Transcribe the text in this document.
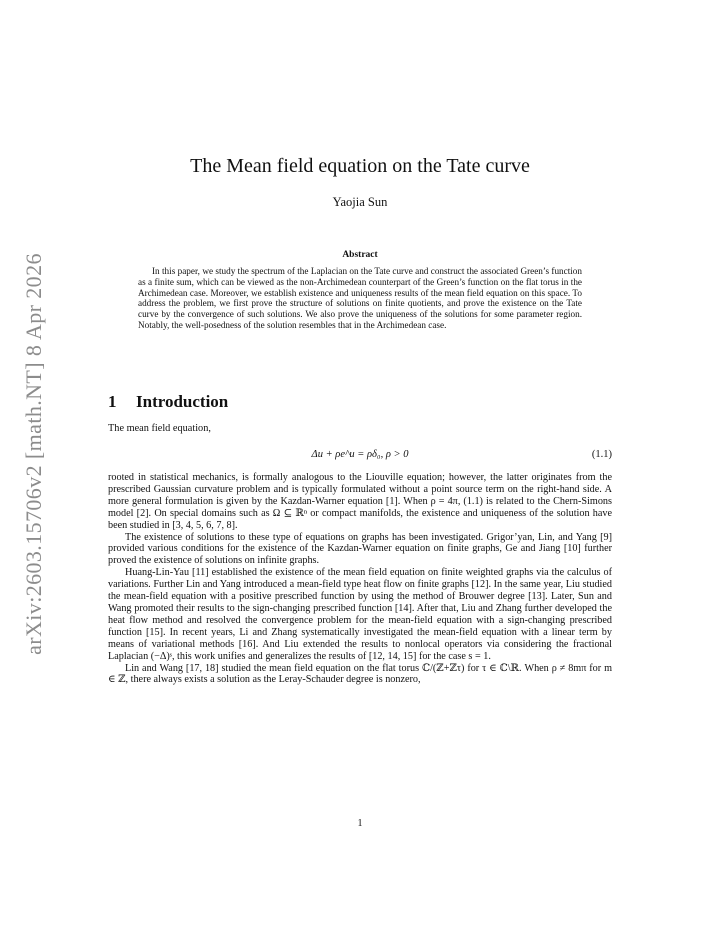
arXiv:2603.15706v2 [math.NT] 8 Apr 2026
The Mean field equation on the Tate curve

Yaojia Sun

Abstract

In this paper, we study the spectrum of the Laplacian on the Tate curve and construct the associated Green’s function as a finite sum, which can be viewed as the non-Archimedean counterpart of the Green’s function on the flat torus in the Archimedean case. Moreover, we establish existence and uniqueness results of the mean field equation on this space. To address the problem, we first prove the structure of solutions on finite quotients, and prove the existence on the Tate curve by the convergence of such solutions. We also prove the uniqueness of the solutions for some parameter region. Notably, the well-posedness of the solution resembles that in the Archimedean case.

1 Introduction

The mean field equation,

Δu + ρe^u = ρδ₀, ρ > 0	(1.1)

rooted in statistical mechanics, is formally analogous to the Liouville equation; however, the latter originates from the prescribed Gaussian curvature problem and is typically formulated without a point source term on the right-hand side. A more general formulation is given by the Kazdan-Warner equation [1]. When ρ = 4π, (1.1) is related to the Chern-Simons model [2]. On special domains such as Ω ⊆ ℝⁿ or compact manifolds, the existence and uniqueness of the solution have been studied in [3, 4, 5, 6, 7, 8].

The existence of solutions to these type of equations on graphs has been investigated. Grigor’yan, Lin, and Yang [9] provided various conditions for the existence of the Kazdan-Warner equation on finite graphs, Ge and Jiang [10] further proved the existence of solutions on infinite graphs.

Huang-Lin-Yau [11] established the existence of the mean field equation on finite weighted graphs via the calculus of variations. Further Lin and Yang introduced a mean-field type heat flow on finite graphs [12]. In the same year, Liu studied the mean-field equation with a positive prescribed function by using the method of Brouwer degree [13]. Later, Sun and Wang promoted their results to the sign-changing prescribed function [14]. After that, Liu and Zhang further developed the heat flow method and resolved the convergence problem for the mean-field equation with a sign-changing prescribed function [15]. In recent years, Li and Zhang systematically investigated the mean-field equation with a linear term by means of variational methods [16]. And Liu extended the results to nonlocal operators via considering the fractional Laplacian (−Δ)ˢ, this work unifies and generalizes the results of [12, 14, 15] for the case s = 1.

Lin and Wang [17, 18] studied the mean field equation on the flat torus ℂ/(ℤ+ℤτ) for τ ∈ ℂ\ℝ. When ρ ≠ 8mπ for m ∈ ℤ, there always exists a solution as the Leray-Schauder degree is nonzero,

1
